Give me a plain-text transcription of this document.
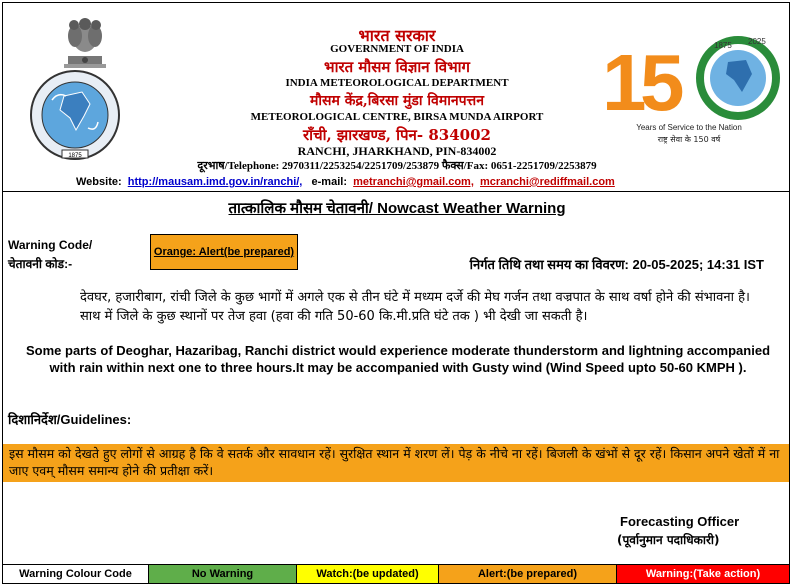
1875
1
5	1875 2025
Years of Service to the Nation
राष्ट्र सेवा के 150 वर्ष
भारत सरकार
GOVERNMENT OF INDIA
भारत मौसम विज्ञान विभाग
INDIA METEOROLOGICAL DEPARTMENT
मौसम केंद्र,बिरसा मुंडा विमानपत्तन
METEOROLOGICAL CENTRE, BIRSA MUNDA AIRPORT
राँची, झारखण्ड, पिन- 834002
RANCHI, JHARKHAND, PIN-834002
दूरभाष/Telephone: 2970311/2253254/2251709/253879 फैक्स/Fax: 0651-2251709/2253879
Website: http://mausam.imd.gov.in/ranchi/, e-mail: metranchi@gmail.com, mcranchi@rediffmail.com
तात्कालिक मौसम चेतावनी/ Nowcast Weather Warning
Warning Code/
चेतावनी कोड:-
Orange: Alert(be prepared)
निर्गत तिथि तथा समय का विवरण: 20-05-2025; 14:31 IST
देवघर, हजारीबाग, रांची जिले के कुछ भागों में अगले एक से तीन घंटे में मध्यम दर्जे की मेघ गर्जन तथा वज्रपात के साथ वर्षा होने की संभावना है। साथ में जिले के कुछ स्थानों पर तेज हवा (हवा की गति 50-60 कि.मी.प्रति घंटे तक ) भी देखी जा सकती है।
Some parts of Deoghar, Hazaribag, Ranchi district would experience moderate thunderstorm and lightning accompanied with rain within next one to three hours.It may be accompanied with Gusty wind (Wind Speed upto 50-60 KMPH ).
दिशानिर्देश/Guidelines:
इस मौसम को देखते हुए लोगों से आग्रह है कि वे सतर्क और सावधान रहें। सुरक्षित स्थान में शरण लें। पेड़ के नीचे ना रहें। बिजली के खंभों से दूर रहें। किसान अपने खेतों में ना जाए एवम् मौसम समान्य होने की प्रतीक्षा करें।
Forecasting Officer
(पूर्वानुमान पदाधिकारी)
Warning Colour Code	No Warning	Watch:(be updated)	Alert:(be prepared)	Warning:(Take action)
